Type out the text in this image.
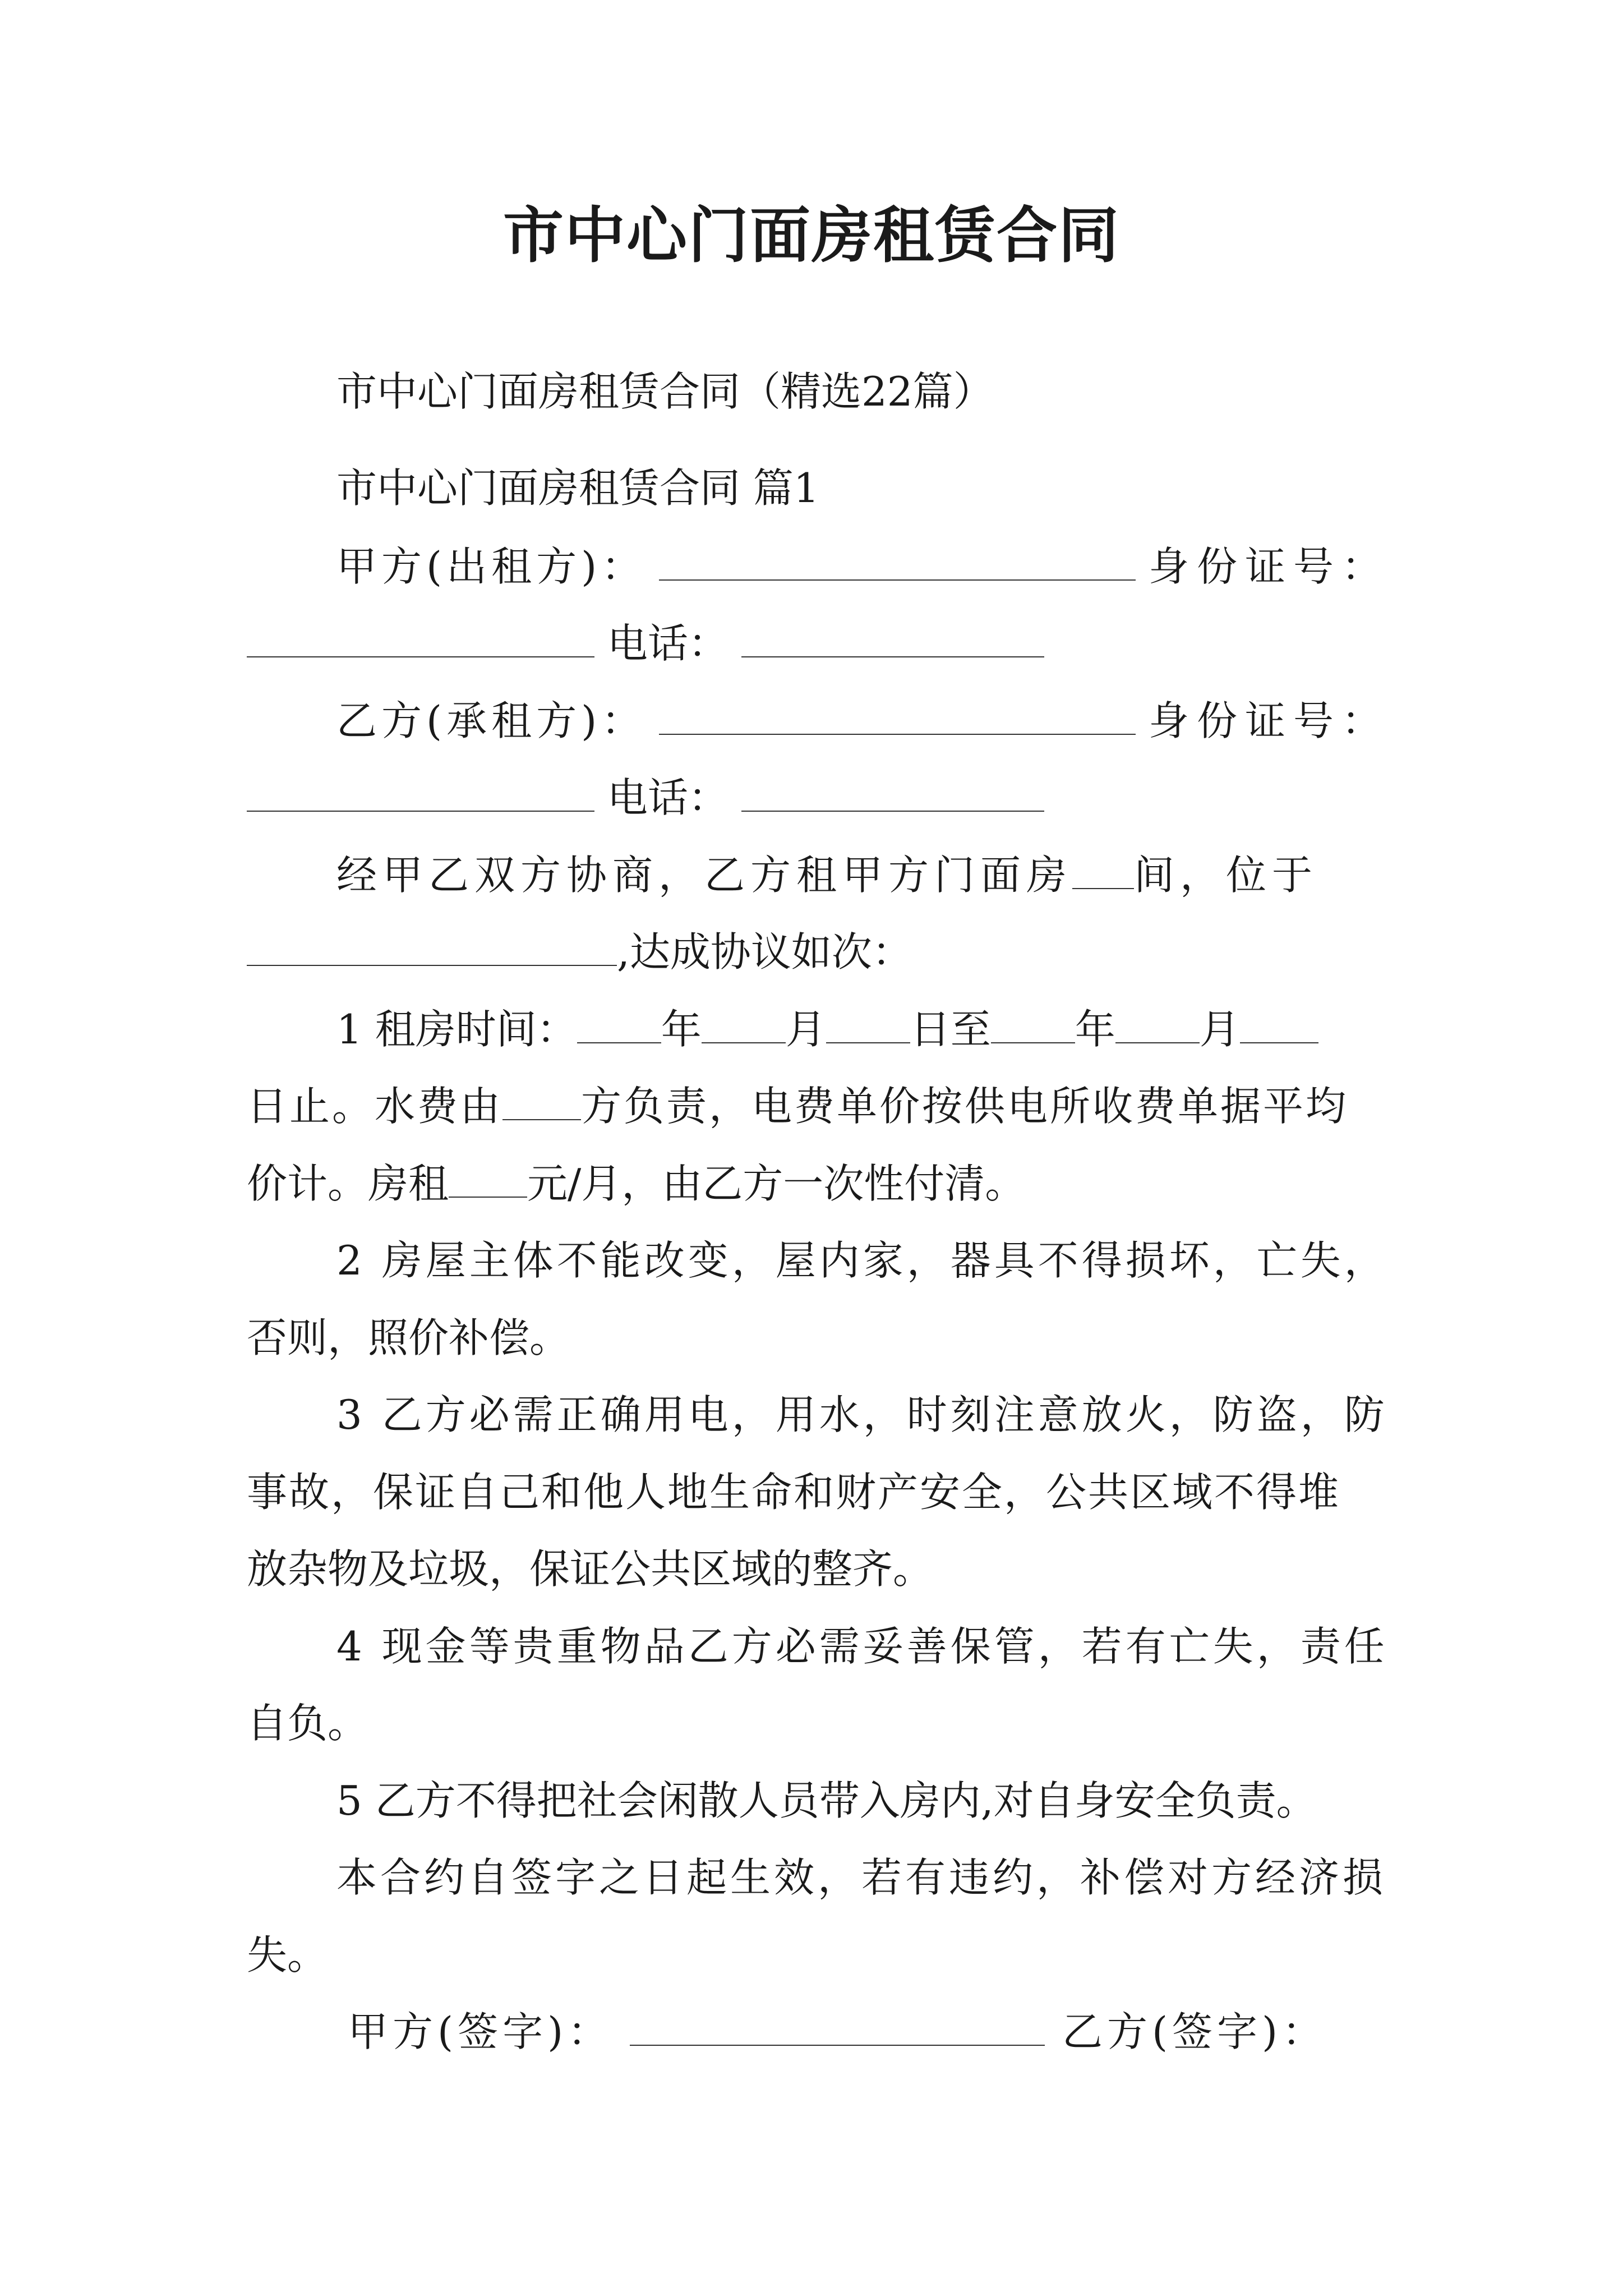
市中心门面房租赁合同
市中心门面房租赁合同（精选22篇）
市中心门面房租赁合同 篇1
甲方(出租方)：	身份证号：
电话：
乙方(承租方)：	身份证号：
电话：
经甲乙双方协商，乙方租甲方门面房 间，位于
,达成协议如次：
1 租房时间： 年 月 日至 年 月
日止。水费由 方负责，电费单价按供电所收费单据平均
价计。房租 元/月，由乙方一次性付清。
2 房屋主体不能改变，屋内家，器具不得损坏，亡失，
否则，照价补偿。
3 乙方必需正确用电，用水，时刻注意放火，防盗，防
事故，保证自己和他人地生命和财产安全，公共区域不得堆
放杂物及垃圾，保证公共区域的整齐。
4 现金等贵重物品乙方必需妥善保管，若有亡失，责任
自负。
5 乙方不得把社会闲散人员带入房内,对自身安全负责。
本合约自签字之日起生效，若有违约，补偿对方经济损
失。
甲方(签字)：	乙方(签字)：
